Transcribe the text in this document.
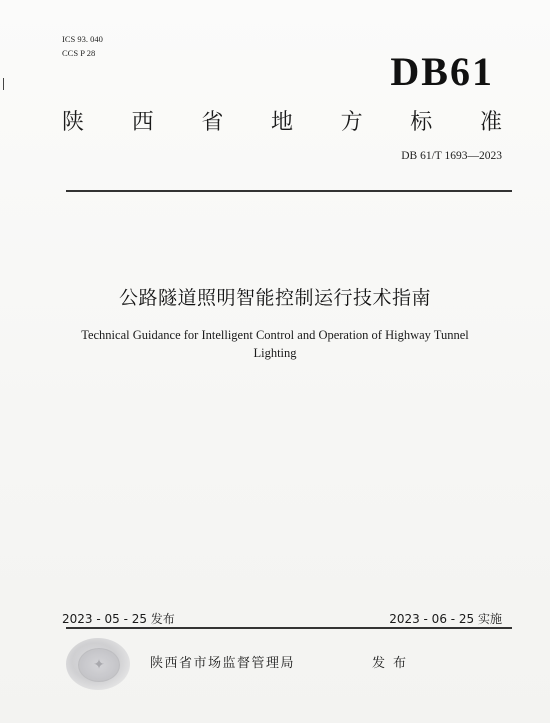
ICS 93. 040
CCS P 28	DB61
陕 西 省 地 方 标 准
DB 61/T 1693—2023
公路隧道照明智能控制运行技术指南
Technical Guidance for Intelligent Control and Operation of Highway Tunnel
Lighting
2023 - 05 - 25 发布	2023 - 06 - 25 实施
✦	陕西省市场监督管理局	发布
